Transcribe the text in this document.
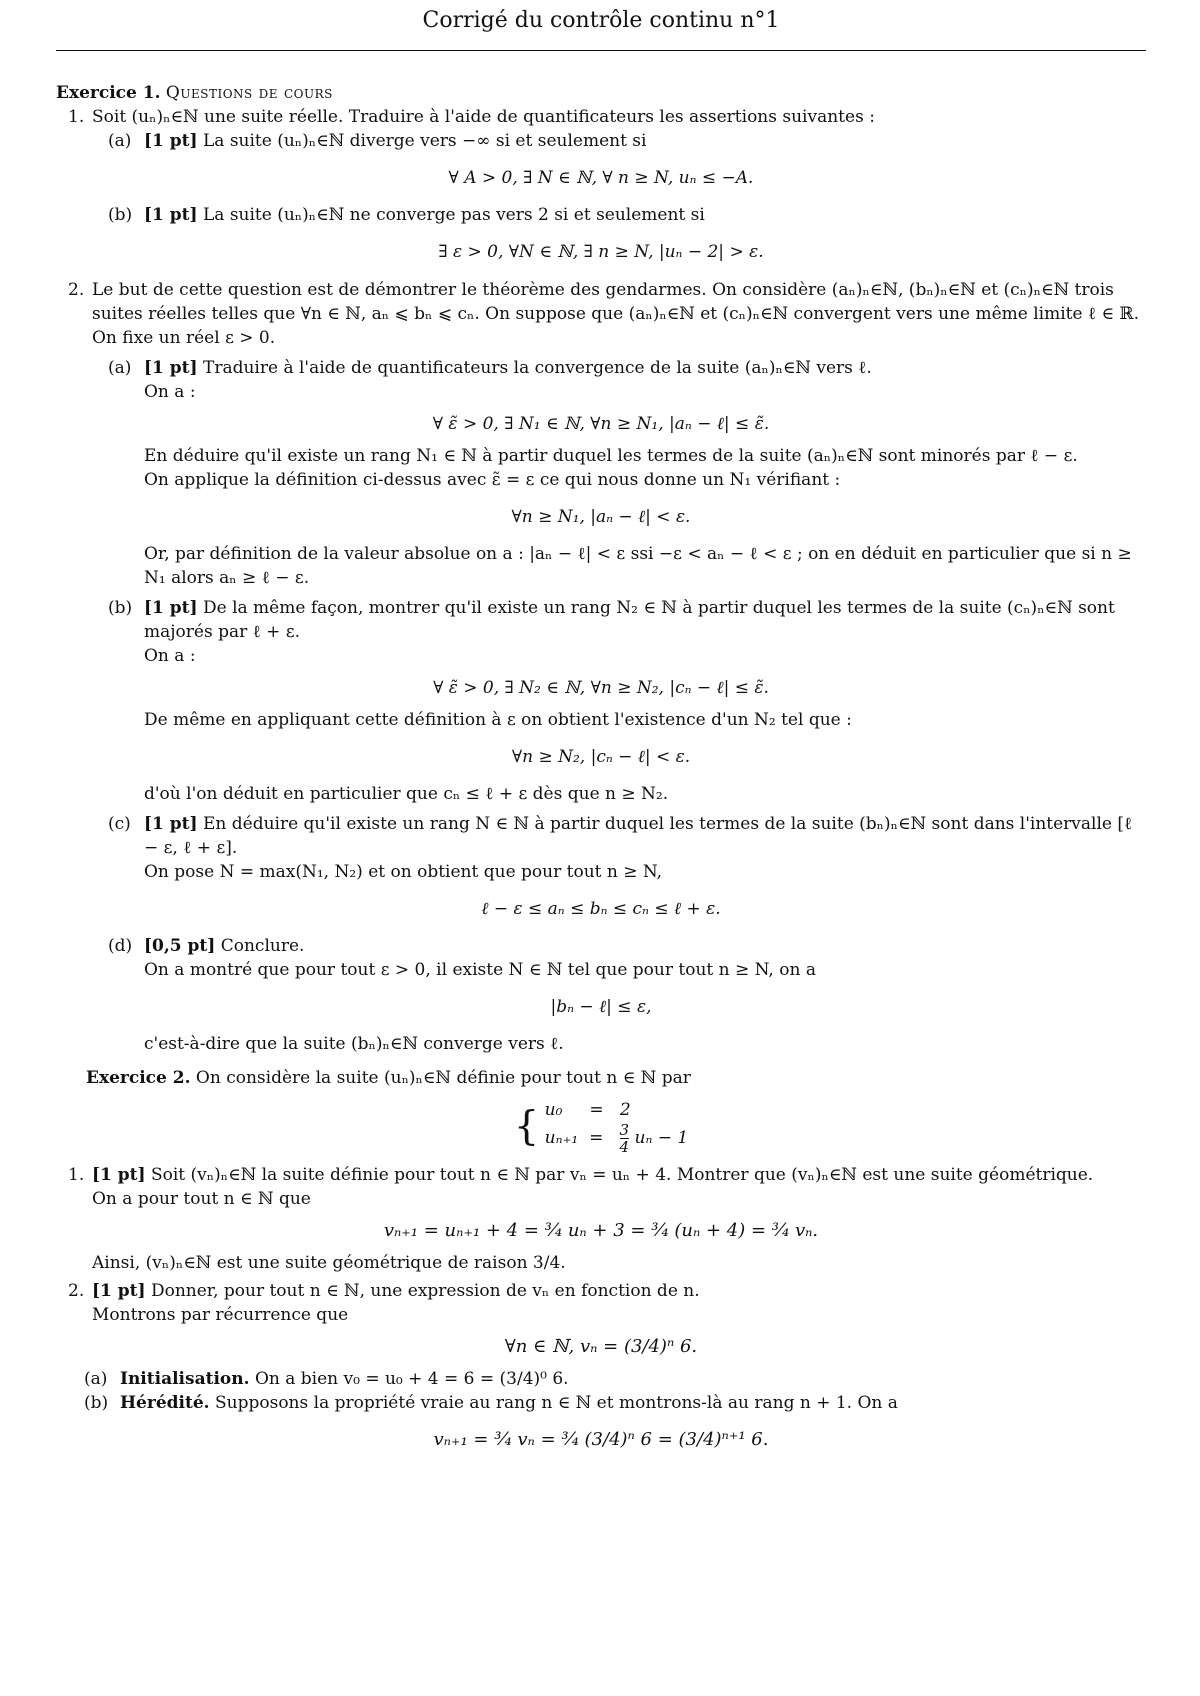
Corrigé du contrôle continu n°1
Exercice 1. Questions de cours
1. Soit (uₙ)ₙ∈ℕ une suite réelle. Traduire à l'aide de quantificateurs les assertions suivantes :
(a) [1 pt] La suite (uₙ)ₙ∈ℕ diverge vers −∞ si et seulement si
∀ A > 0, ∃ N ∈ ℕ, ∀ n ≥ N, uₙ ≤ −A.
(b) [1 pt] La suite (uₙ)ₙ∈ℕ ne converge pas vers 2 si et seulement si
∃ ε > 0, ∀N ∈ ℕ, ∃ n ≥ N, |uₙ − 2| > ε.
2. Le but de cette question est de démontrer le théorème des gendarmes. On considère (aₙ)ₙ∈ℕ, (bₙ)ₙ∈ℕ et (cₙ)ₙ∈ℕ trois suites réelles telles que ∀n ∈ ℕ, aₙ ⩽ bₙ ⩽ cₙ. On suppose que (aₙ)ₙ∈ℕ et (cₙ)ₙ∈ℕ convergent vers une même limite ℓ ∈ ℝ. On fixe un réel ε > 0.
(a) [1 pt] Traduire à l'aide de quantificateurs la convergence de la suite (aₙ)ₙ∈ℕ vers ℓ.
On a :
∀ ε̃ > 0, ∃ N₁ ∈ ℕ, ∀n ≥ N₁, |aₙ − ℓ| ≤ ε̃.
En déduire qu'il existe un rang N₁ ∈ ℕ à partir duquel les termes de la suite (aₙ)ₙ∈ℕ sont minorés par ℓ − ε.
On applique la définition ci-dessus avec ε̃ = ε ce qui nous donne un N₁ vérifiant :
∀n ≥ N₁, |aₙ − ℓ| < ε.
Or, par définition de la valeur absolue on a : |aₙ − ℓ| < ε ssi −ε < aₙ − ℓ < ε ; on en déduit en particulier que si n ≥ N₁ alors aₙ ≥ ℓ − ε.
(b) [1 pt] De la même façon, montrer qu'il existe un rang N₂ ∈ ℕ à partir duquel les termes de la suite (cₙ)ₙ∈ℕ sont majorés par ℓ + ε.
On a :
∀ ε̃ > 0, ∃ N₂ ∈ ℕ, ∀n ≥ N₂, |cₙ − ℓ| ≤ ε̃.
De même en appliquant cette définition à ε on obtient l'existence d'un N₂ tel que :
∀n ≥ N₂, |cₙ − ℓ| < ε.
d'où l'on déduit en particulier que cₙ ≤ ℓ + ε dès que n ≥ N₂.
(c) [1 pt] En déduire qu'il existe un rang N ∈ ℕ à partir duquel les termes de la suite (bₙ)ₙ∈ℕ sont dans l'intervalle [ℓ − ε, ℓ + ε].
On pose N = max(N₁, N₂) et on obtient que pour tout n ≥ N,
ℓ − ε ≤ aₙ ≤ bₙ ≤ cₙ ≤ ℓ + ε.
(d) [0,5 pt] Conclure.
On a montré que pour tout ε > 0, il existe N ∈ ℕ tel que pour tout n ≥ N, on a
|bₙ − ℓ| ≤ ε,
c'est-à-dire que la suite (bₙ)ₙ∈ℕ converge vers ℓ.
Exercice 2. On considère la suite (uₙ)ₙ∈ℕ définie pour tout n ∈ ℕ par
{ u₀ = 2
$u_{n+1} = \frac{3}{4}$ uₙ − 1
1. [1 pt] Soit (vₙ)ₙ∈ℕ la suite définie pour tout n ∈ ℕ par vₙ = uₙ + 4. Montrer que (vₙ)ₙ∈ℕ est une suite géométrique.
On a pour tout n ∈ ℕ que
vₙ₊₁ = uₙ₊₁ + 4 = ³⁄₄ uₙ + 3 = ³⁄₄ (uₙ + 4) = ³⁄₄ vₙ.
Ainsi, (vₙ)ₙ∈ℕ est une suite géométrique de raison 3/4.
2. [1 pt] Donner, pour tout n ∈ ℕ, une expression de vₙ en fonction de n.
Montrons par récurrence que
∀n ∈ ℕ, vₙ = (3/4)ⁿ 6.
(a) Initialisation. On a bien v₀ = u₀ + 4 = 6 = (3/4)⁰ 6.
(b) Hérédité. Supposons la propriété vraie au rang n ∈ ℕ et montrons-là au rang n + 1. On a
vₙ₊₁ = ³⁄₄ vₙ = ³⁄₄ (3/4)ⁿ 6 = (3/4)ⁿ⁺¹ 6.
